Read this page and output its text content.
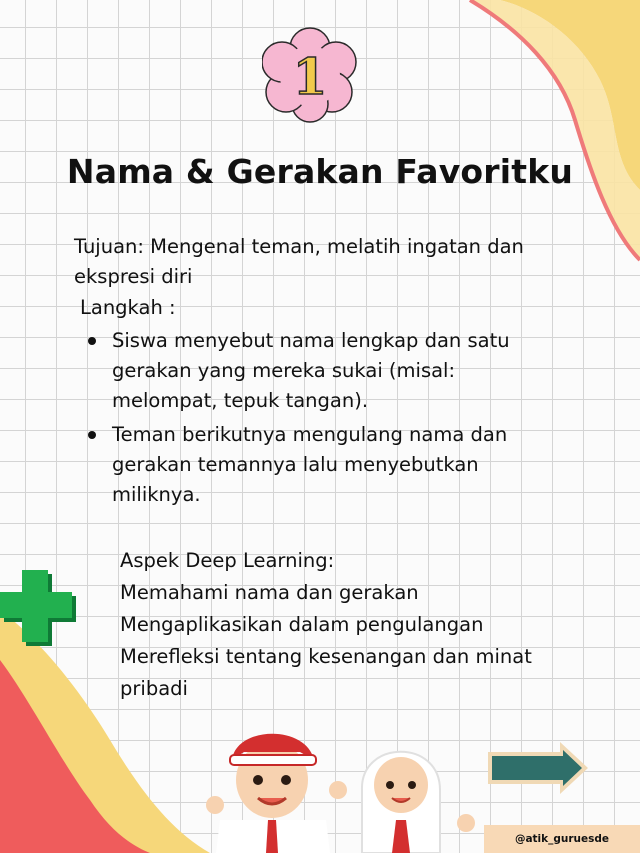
1
Nama & Gerakan Favoritku
Tujuan: Mengenal teman, melatih ingatan dan ekspresi diri
Langkah :
Siswa menyebut nama lengkap dan satu gerakan yang mereka sukai (misal: melompat, tepuk tangan).
Teman berikutnya mengulang nama dan gerakan temannya lalu menyebutkan miliknya.
Aspek Deep Learning:
Memahami nama dan gerakan
Mengaplikasikan dalam pengulangan
Merefleksi tentang kesenangan dan minat pribadi
@atik_guruesde
